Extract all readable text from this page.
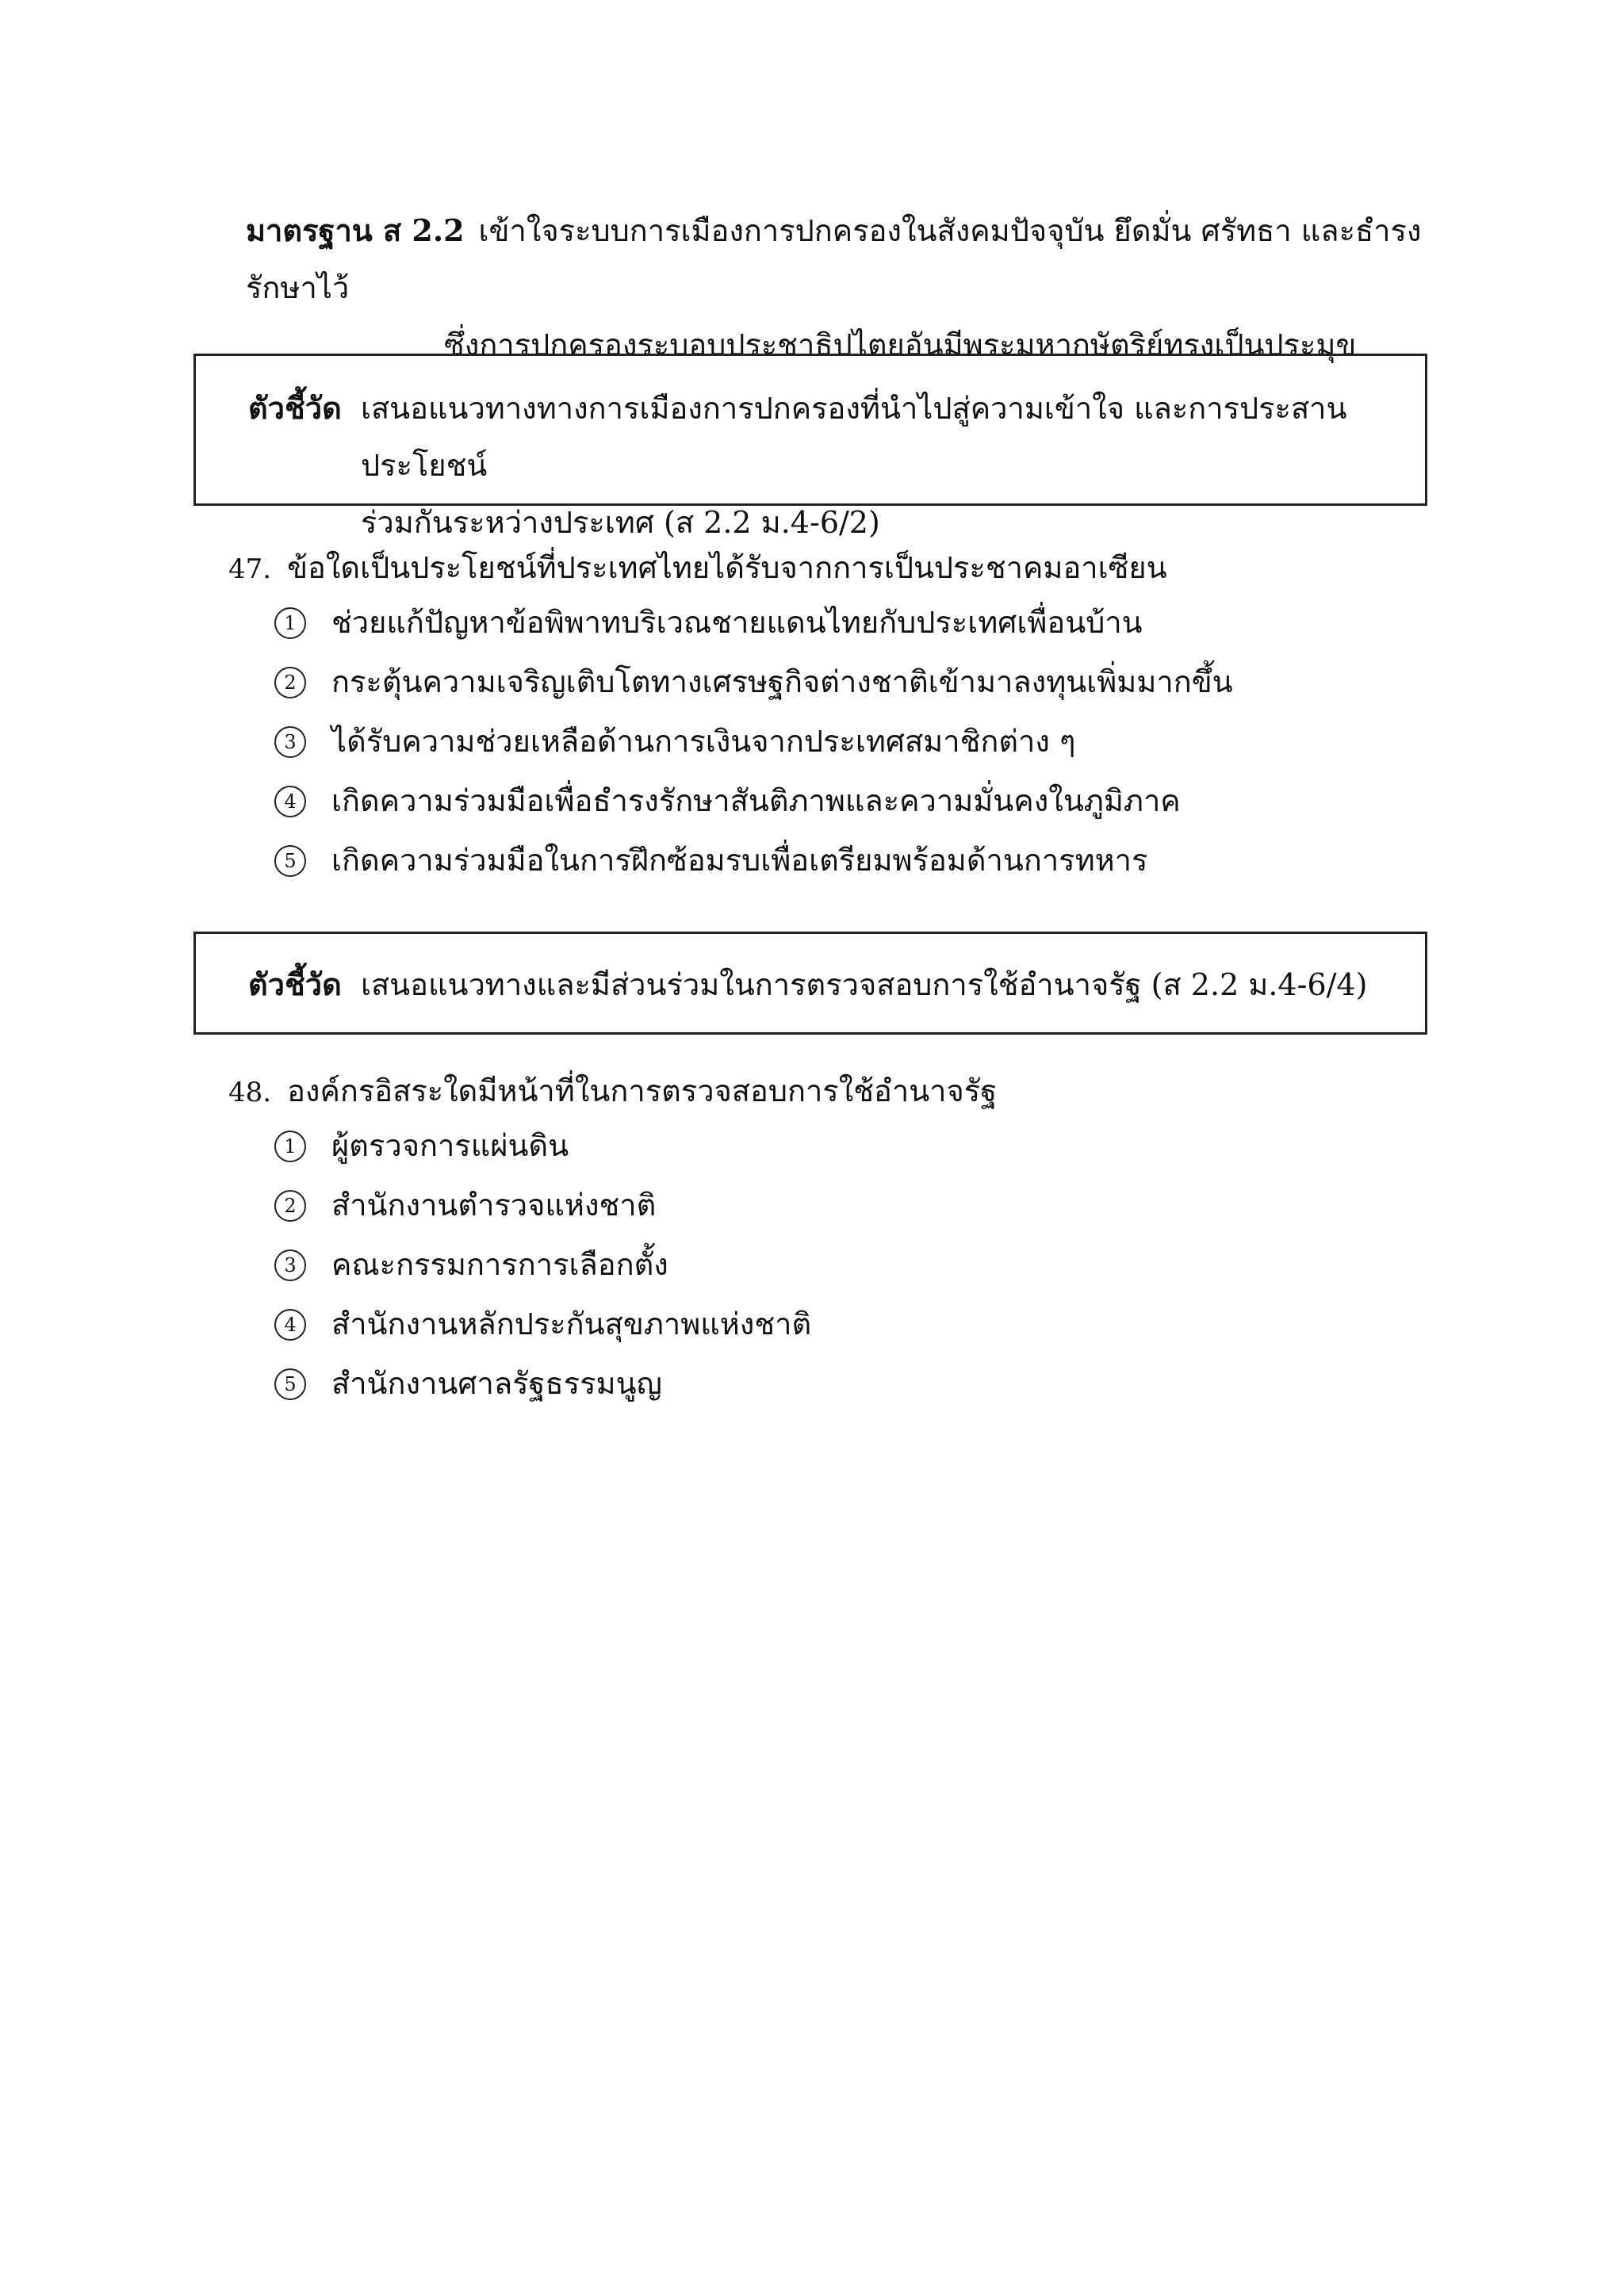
มาตรฐาน ส 2.2 เข้าใจระบบการเมืองการปกครองในสังคมปัจจุบัน ยึดมั่น ศรัทธา และธำรงรักษาไว้
ซึ่งการปกครองระบอบประชาธิปไตยอันมีพระมหากษัตริย์ทรงเป็นประมุข
ตัวชี้วัด เสนอแนวทางทางการเมืองการปกครองที่นำไปสู่ความเข้าใจ และการประสานประโยชน์
ร่วมกันระหว่างประเทศ (ส 2.2 ม.4-6/2)
47. ข้อใดเป็นประโยชน์ที่ประเทศไทยได้รับจากการเป็นประชาคมอาเซียน
1	ช่วยแก้ปัญหาข้อพิพาทบริเวณชายแดนไทยกับประเทศเพื่อนบ้าน
2	กระตุ้นความเจริญเติบโตทางเศรษฐกิจต่างชาติเข้ามาลงทุนเพิ่มมากขึ้น
3	ได้รับความช่วยเหลือด้านการเงินจากประเทศสมาชิกต่าง ๆ
4	เกิดความร่วมมือเพื่อธำรงรักษาสันติภาพและความมั่นคงในภูมิภาค
5	เกิดความร่วมมือในการฝึกซ้อมรบเพื่อเตรียมพร้อมด้านการทหาร
ตัวชี้วัด เสนอแนวทางและมีส่วนร่วมในการตรวจสอบการใช้อำนาจรัฐ (ส 2.2 ม.4-6/4)
48. องค์กรอิสระใดมีหน้าที่ในการตรวจสอบการใช้อำนาจรัฐ
1	ผู้ตรวจการแผ่นดิน
2	สำนักงานตำรวจแห่งชาติ
3	คณะกรรมการการเลือกตั้ง
4	สำนักงานหลักประกันสุขภาพแห่งชาติ
5	สำนักงานศาลรัฐธรรมนูญ
